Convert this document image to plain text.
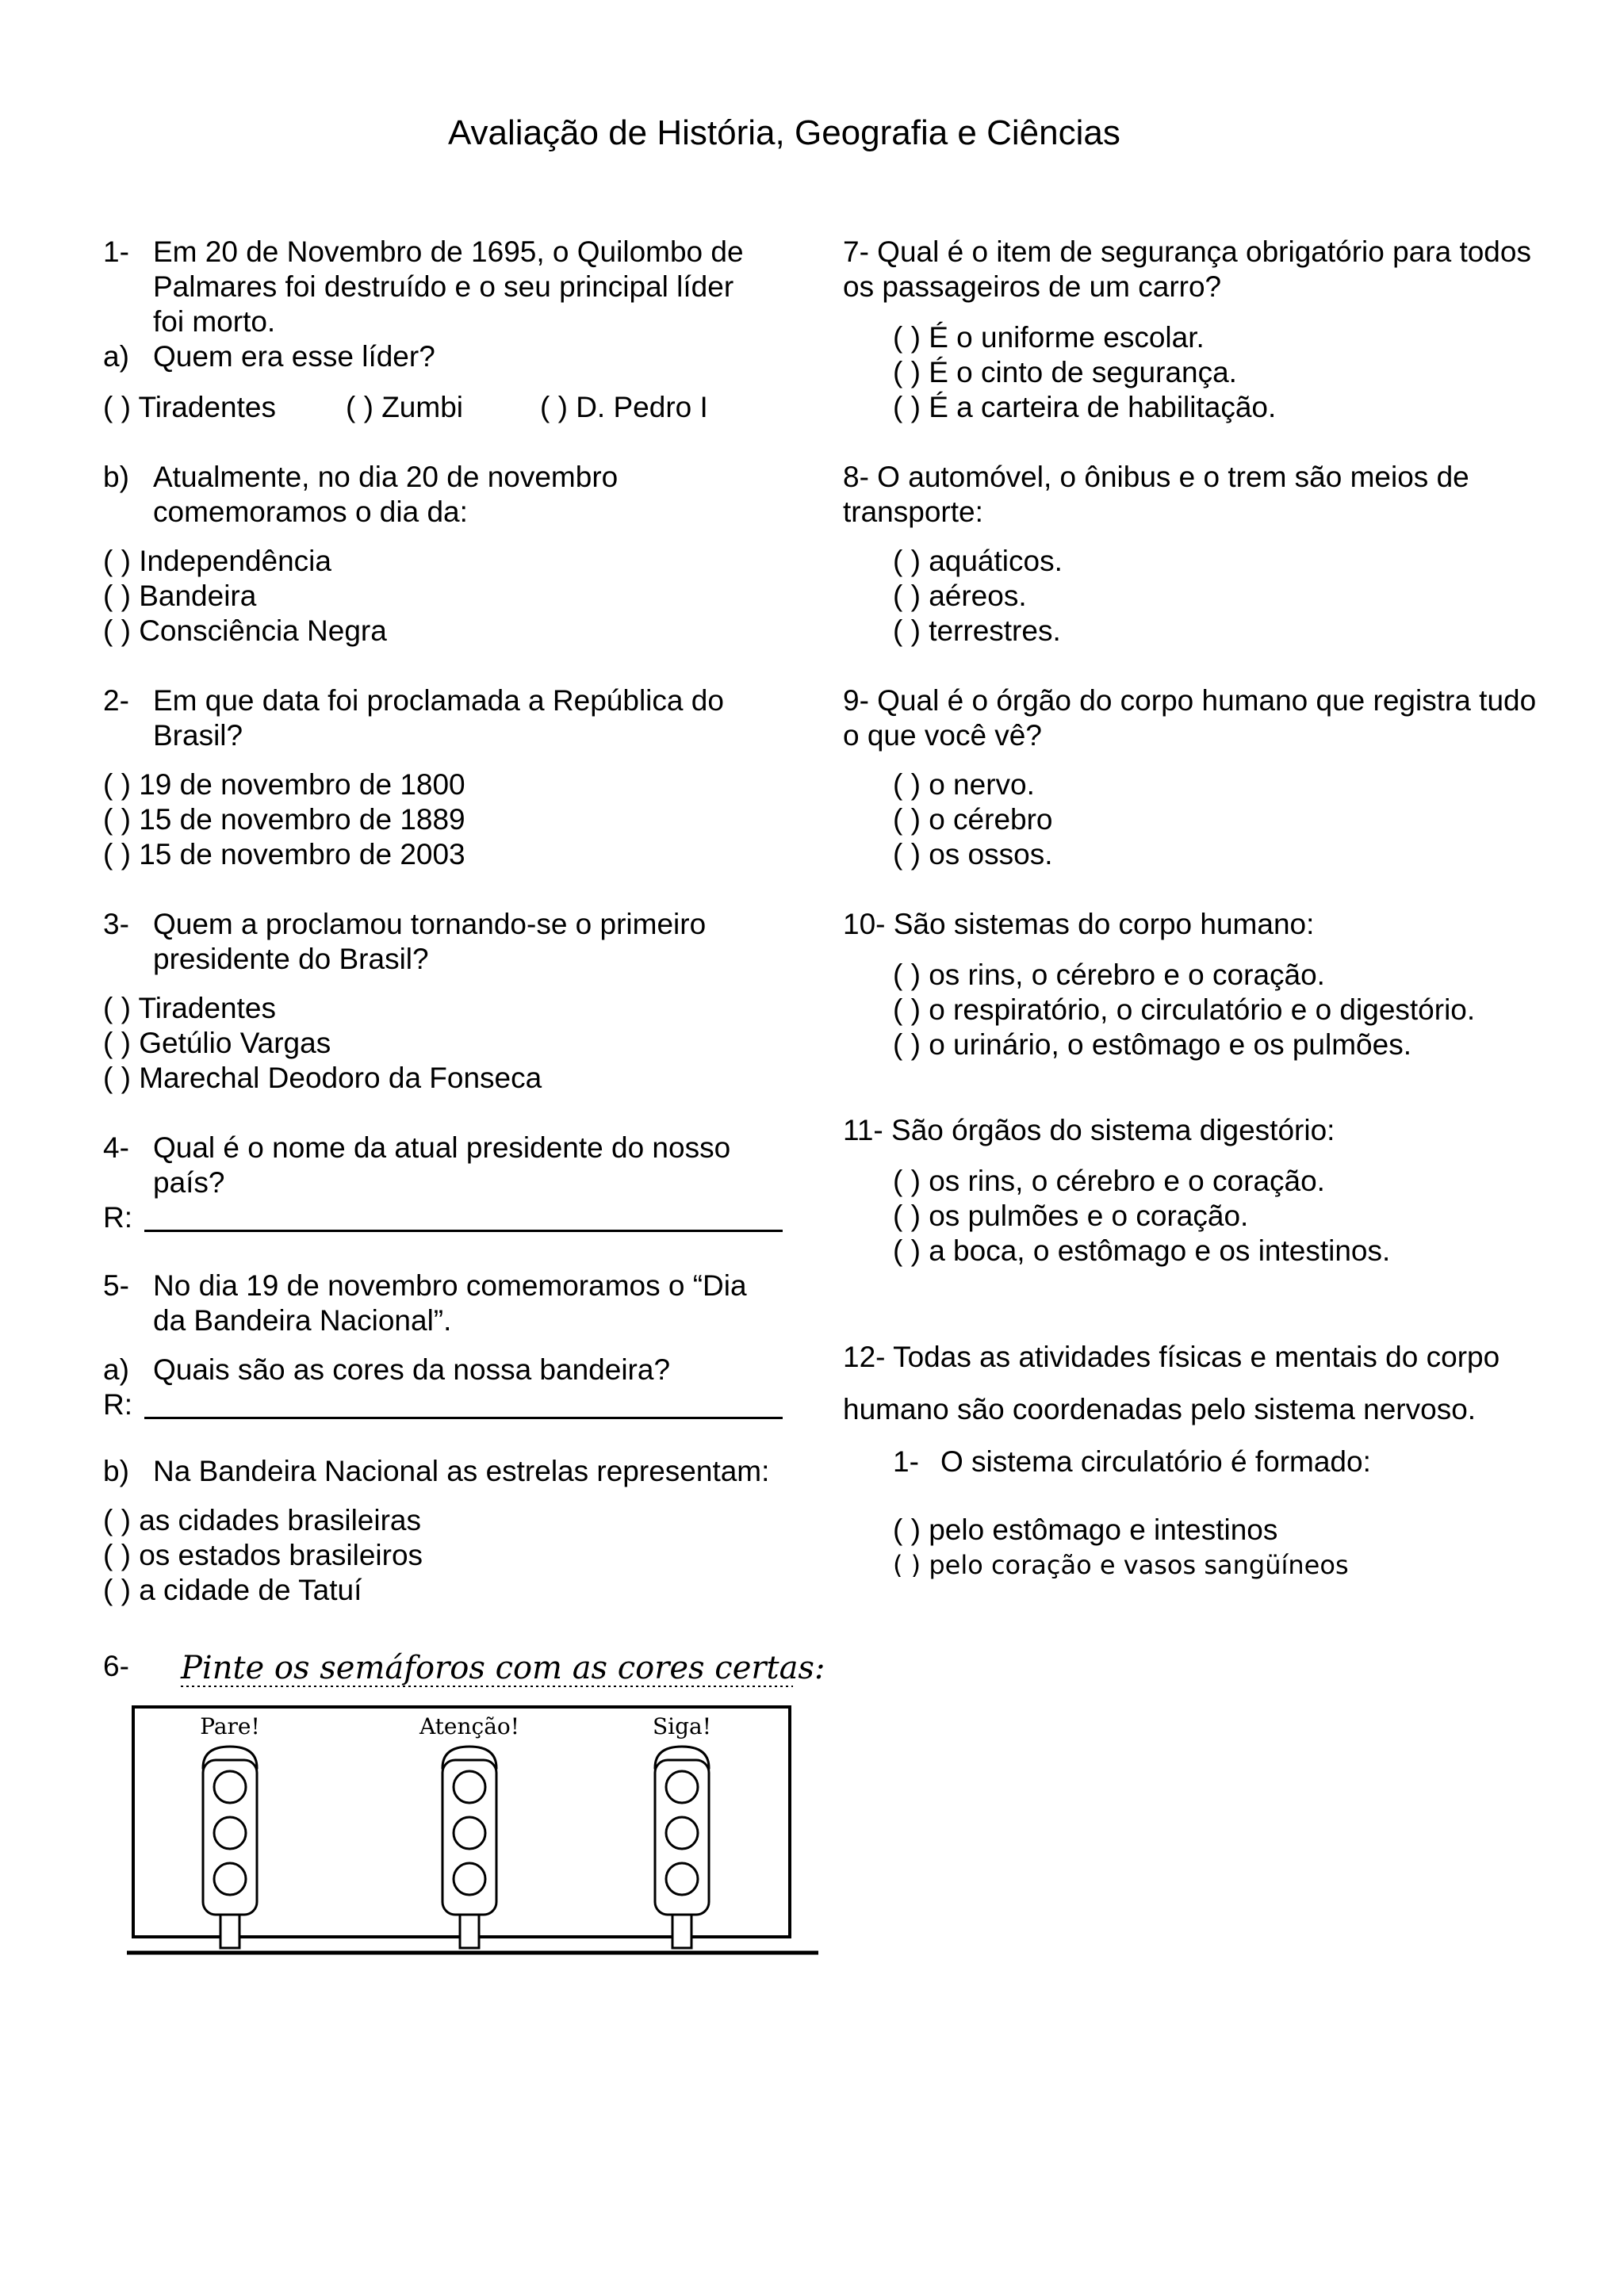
Avaliação de História, Geografia e Ciências
1- Em 20 de Novembro de 1695, o Quilombo de
Palmares foi destruído e o seu principal líder
foi morto.
a) Quem era esse líder?
( ) Tiradentes ( ) Zumbi	( ) D. Pedro I
b) Atualmente, no dia 20 de novembro
comemoramos o dia da:
( ) Independência
( ) Bandeira
( ) Consciência Negra
2- Em que data foi proclamada a República do
Brasil?
( ) 19 de novembro de 1800
( ) 15 de novembro de 1889
( ) 15 de novembro de 2003
3- Quem a proclamou tornando-se o primeiro
presidente do Brasil?
( ) Tiradentes
( ) Getúlio Vargas
( ) Marechal Deodoro da Fonseca
4- Qual é o nome da atual presidente do nosso
país?
R:
5- No dia 19 de novembro comemoramos o “Dia
da Bandeira Nacional”.
a) Quais são as cores da nossa bandeira?
R:
b) Na Bandeira Nacional as estrelas representam:
( ) as cidades brasileiras
( ) os estados brasileiros
( ) a cidade de Tatuí
6- Pinte os semáforos com as cores certas:
Pare!	Atenção!	Siga!
7- Qual é o item de segurança obrigatório para todos
os passageiros de um carro?
( ) É o uniforme escolar.
( ) É o cinto de segurança.
( ) É a carteira de habilitação.
8- O automóvel, o ônibus e o trem são meios de
transporte:
( ) aquáticos.
( ) aéreos.
( ) terrestres.
9- Qual é o órgão do corpo humano que registra tudo
o que você vê?
( ) o nervo.
( ) o cérebro
( ) os ossos.
10- São sistemas do corpo humano:
( ) os rins, o cérebro e o coração.
( ) o respiratório, o circulatório e o digestório.
( ) o urinário, o estômago e os pulmões.
11- São órgãos do sistema digestório:
( ) os rins, o cérebro e o coração.
( ) os pulmões e o coração.
( ) a boca, o estômago e os intestinos.
12- Todas as atividades físicas e mentais do corpo
humano são coordenadas pelo sistema nervoso.
1- O sistema circulatório é formado:
( ) pelo estômago e intestinos
( ) pelo coração e vasos sangüíneos
